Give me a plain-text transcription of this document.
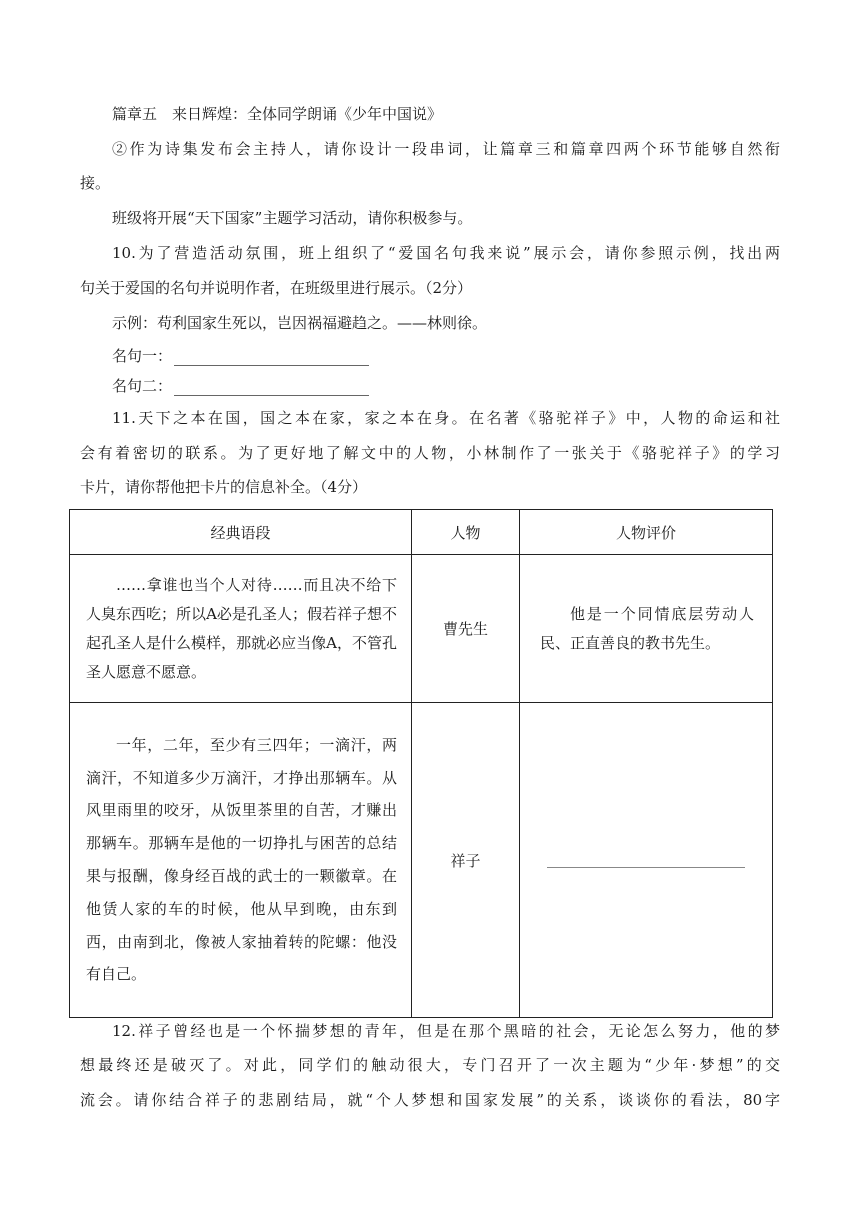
篇章五　来日辉煌：全体同学朗诵《少年中国说》
②作为诗集发布会主持人，请你设计一段串词，让篇章三和篇章四两个环节能够自然衔
接。
班级将开展“天下国家”主题学习活动，请你积极参与。
10.为了营造活动氛围，班上组织了“爱国名句我来说”展示会，请你参照示例，找出两
句关于爱国的名句并说明作者，在班级里进行展示。（2分）
示例：苟利国家生死以，岂因祸福避趋之。——林则徐。
名句一：
名句二：
11.天下之本在国，国之本在家，家之本在身。在名著《骆驼祥子》中，人物的命运和社
会有着密切的联系。为了更好地了解文中的人物，小林制作了一张关于《骆驼祥子》的学习
卡片，请你帮他把卡片的信息补全。（4分）
经典语段	人物	人物评价

……拿谁也当个人对待……而且决不给下人臭东西吃；所以A必是孔圣人；假若祥子想不起孔圣人是什么模样，那就必应当像A，不管孔圣人愿意不愿意。	曹先生	他是一个同情底层劳动人民、正直善良的教书先生。

一年，二年，至少有三四年；一滴汗，两滴汗，不知道多少万滴汗，才挣出那辆车。从风里雨里的咬牙，从饭里茶里的自苦，才赚出那辆车。那辆车是他的一切挣扎与困苦的总结果与报酬，像身经百战的武士的一颗徽章。在他赁人家的车的时候，他从早到晚，由东到西，由南到北，像被人家抽着转的陀螺：他没有自己。	祥子	
12.祥子曾经也是一个怀揣梦想的青年，但是在那个黑暗的社会，无论怎么努力，他的梦
想最终还是破灭了。对此，同学们的触动很大，专门召开了一次主题为“少年·梦想”的交
流会。请你结合祥子的悲剧结局，就“个人梦想和国家发展”的关系，谈谈你的看法，80字
